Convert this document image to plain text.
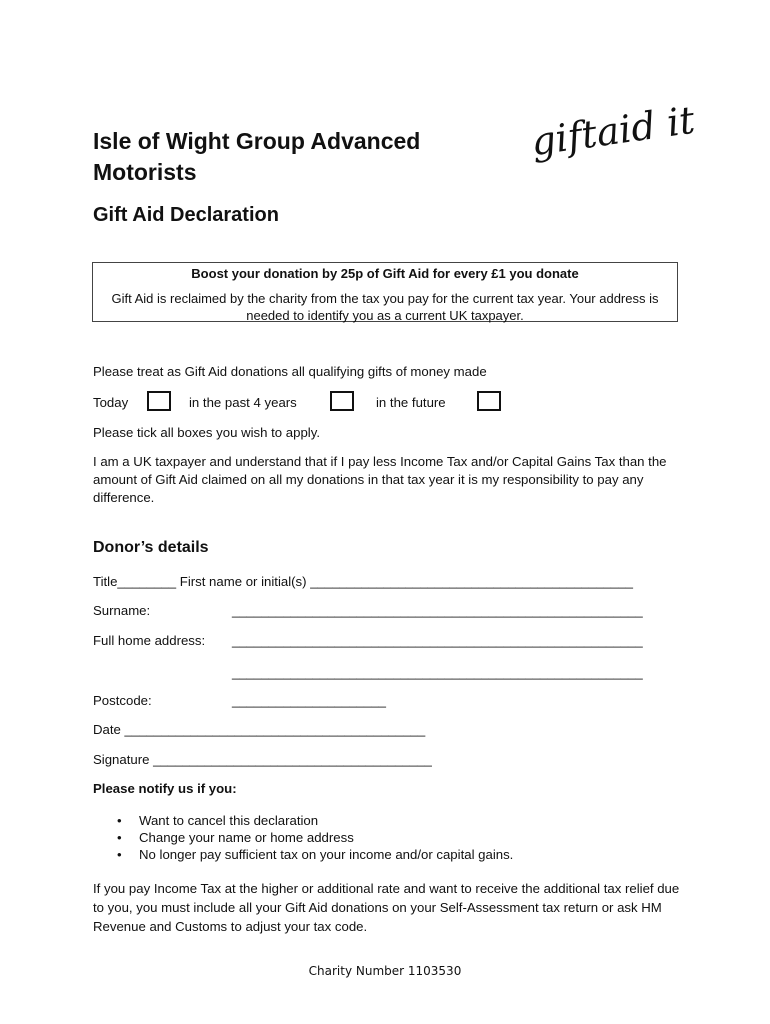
Isle of Wight Group Advanced
Motorists
giftaid it
Gift Aid Declaration
Boost your donation by 25p of Gift Aid for every £1 you donate
Gift Aid is reclaimed by the charity from the tax you pay for the current tax year. Your address is needed to identify you as a current UK taxpayer.
Please treat as Gift Aid donations all qualifying gifts of money made
Today	in the past 4 years	in the future
Please tick all boxes you wish to apply.
I am a UK taxpayer and understand that if I pay less Income Tax and/or Capital Gains Tax than the amount of Gift Aid claimed on all my donations in that tax year it is my responsibility to pay any difference.
Donor’s details
Title________ First name or initial(s) ____________________________________________
Surname:	________________________________________________________
Full home address: ________________________________________________________
________________________________________________________
Postcode:	_____________________
Date _________________________________________
Signature ______________________________________
Please notify us if you:
• Want to cancel this declaration
• Change your name or home address
• No longer pay sufficient tax on your income and/or capital gains.
If you pay Income Tax at the higher or additional rate and want to receive the additional tax relief due to you, you must include all your Gift Aid donations on your Self-Assessment tax return or ask HM Revenue and Customs to adjust your tax code.
Charity Number 1103530
